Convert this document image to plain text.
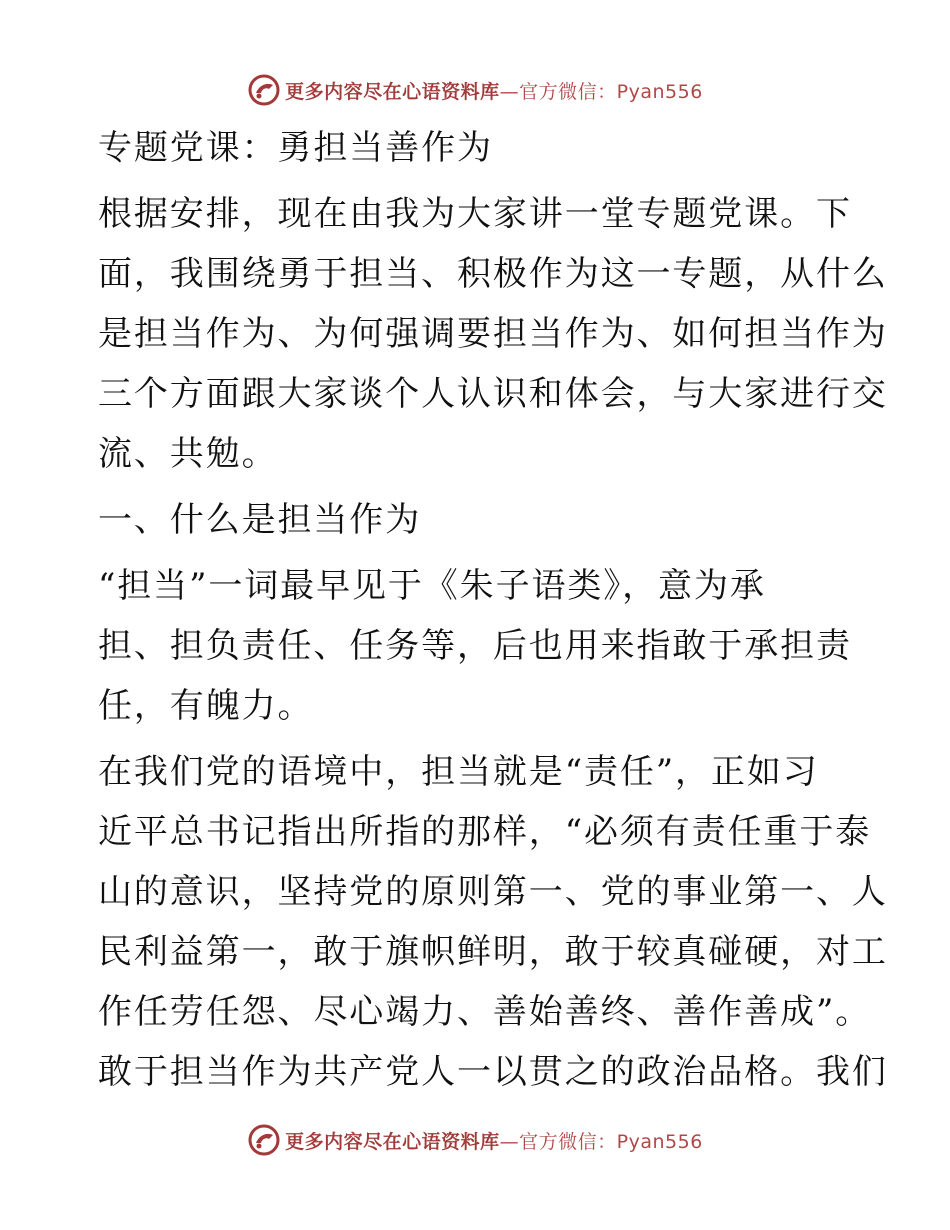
更多内容尽在心语资料库—官方微信：Pyan556
专题党课：勇担当善作为
根据安排，现在由我为大家讲一堂专题党课。下
面，我围绕勇于担当、积极作为这一专题，从什么
是担当作为、为何强调要担当作为、如何担当作为
三个方面跟大家谈个人认识和体会，与大家进行交
流、共勉。
一、什么是担当作为
“担当”一词最早见于《朱子语类》，意为承
担、担负责任、任务等，后也用来指敢于承担责
任，有魄力。
在我们党的语境中，担当就是“责任”，正如习
近平总书记指出所指的那样，“必须有责任重于泰
山的意识，坚持党的原则第一、党的事业第一、人
民利益第一，敢于旗帜鲜明，敢于较真碰硬，对工
作任劳任怨、尽心竭力、善始善终、善作善成”。
敢于担当作为共产党人一以贯之的政治品格。我们
更多内容尽在心语资料库—官方微信：Pyan556
